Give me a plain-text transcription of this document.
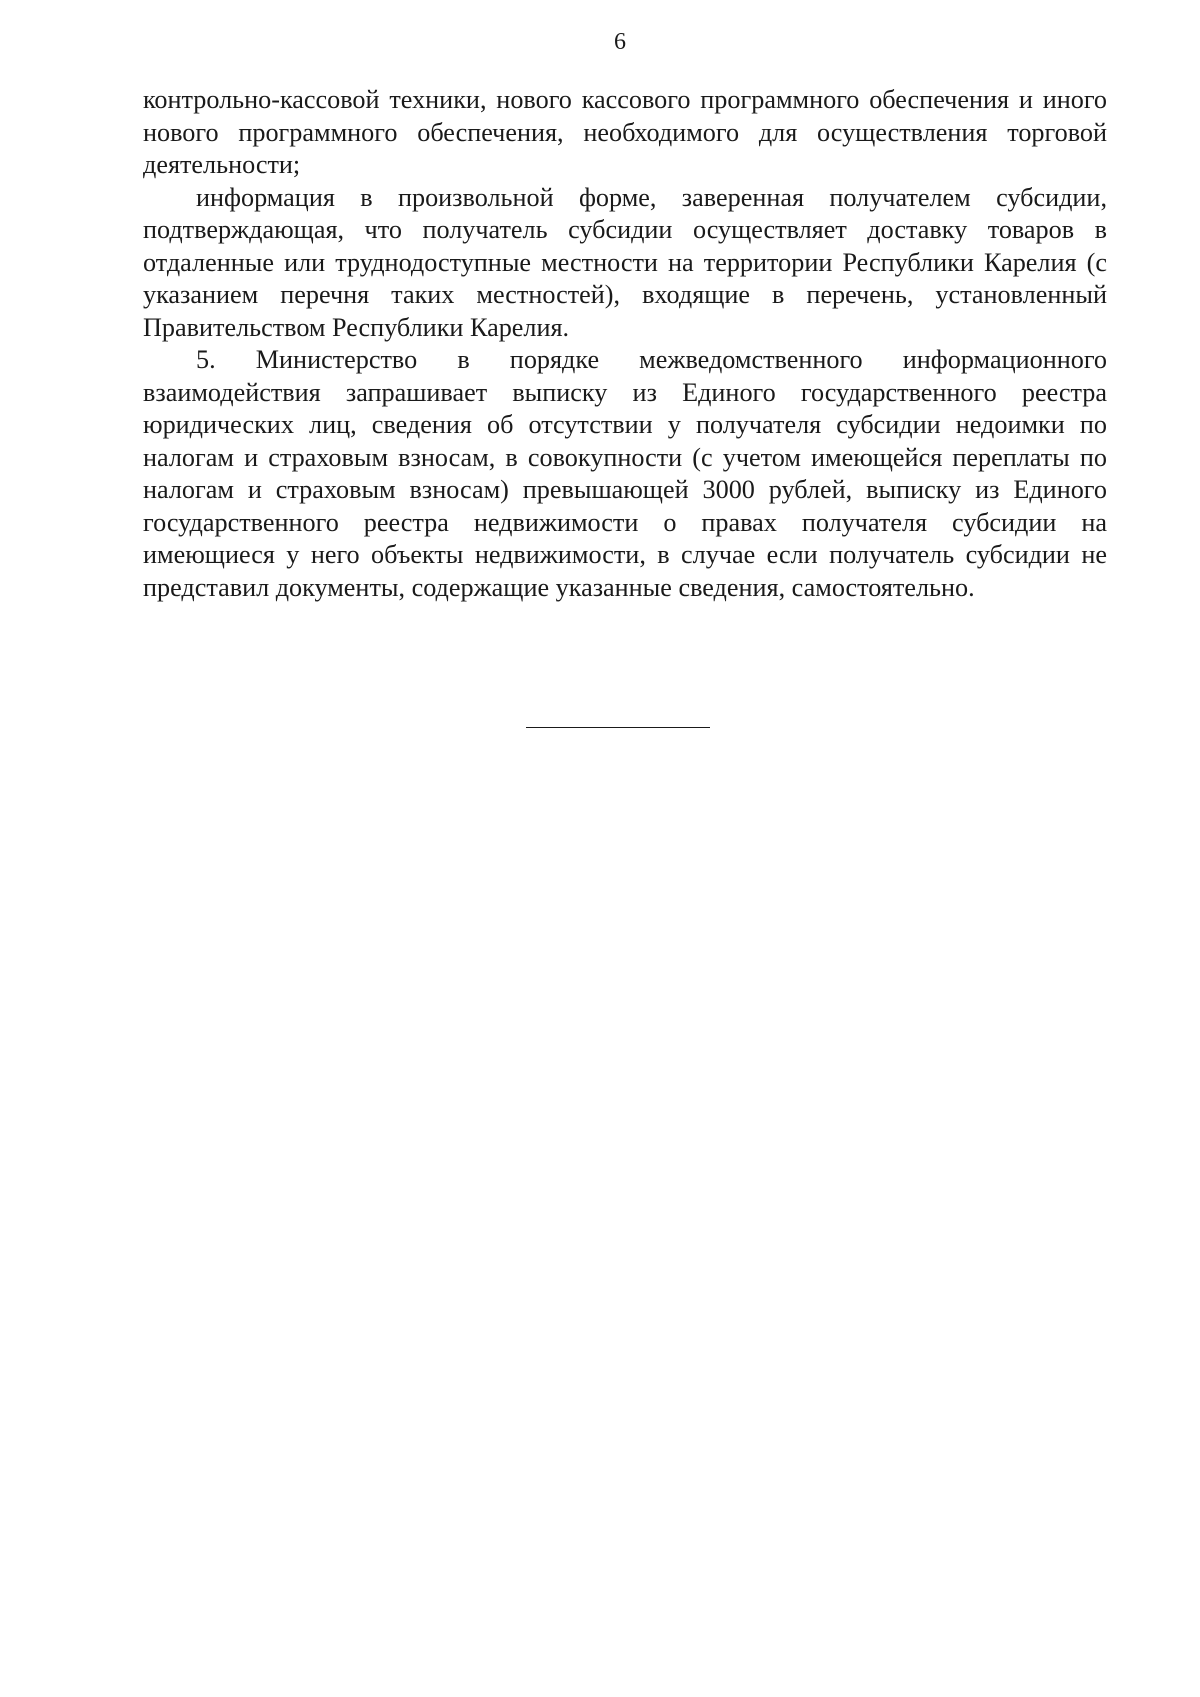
6

контрольно-кассовой техники, нового кассового программного обеспечения и иного нового программного обеспечения, необходимого для осуществления торговой деятельности;

информация в произвольной форме, заверенная получателем субсидии, подтверждающая, что получатель субсидии осуществляет доставку товаров в отдаленные или труднодоступные местности на территории Республики Карелия (с указанием перечня таких местностей), входящие в перечень, установленный Правительством Республики Карелия.

5. Министерство в порядке межведомственного информационного взаимодействия запрашивает выписку из Единого государственного реестра юридических лиц, сведения об отсутствии у получателя субсидии недоимки по налогам и страховым взносам, в совокупности (с учетом имеющейся переплаты по налогам и страховым взносам) превышающей 3000 рублей, выписку из Единого государственного реестра недвижимости о правах получателя субсидии на имеющиеся у него объекты недвижимости, в случае если получатель субсидии не представил документы, содержащие указанные сведения, самостоятельно.
